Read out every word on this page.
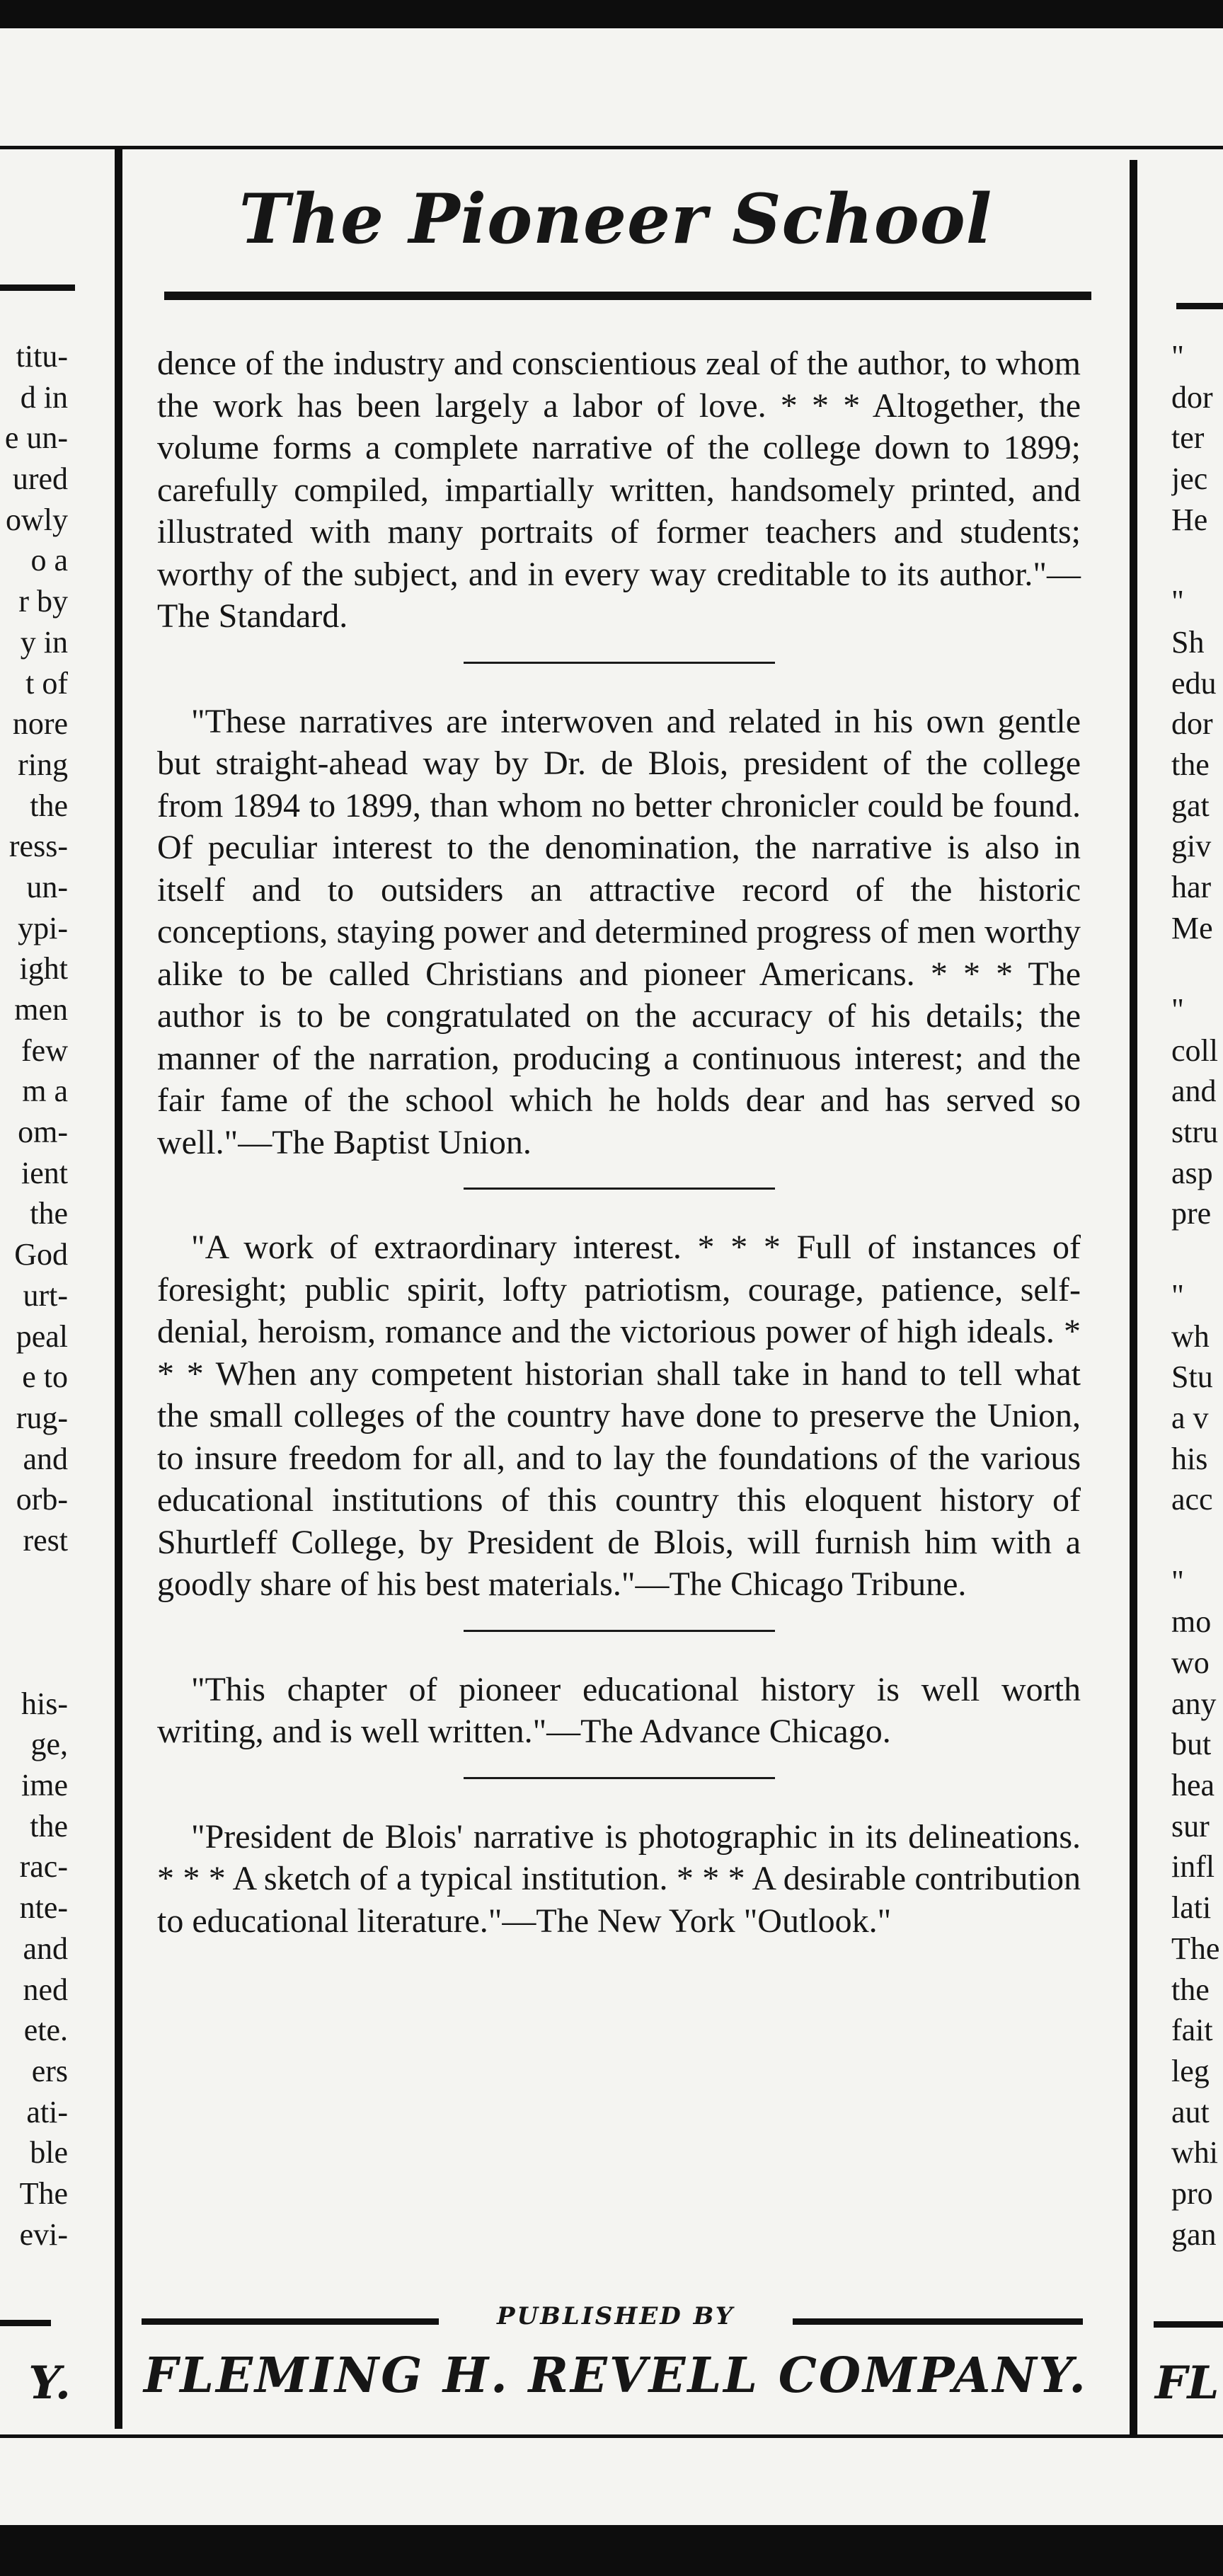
titu-
d in
e un-
ured
owly
o a
r by
y in
t of
nore
ring
the
ress-
un-
ypi-
ight
men
few
m a
om-
ient
the
God
urt-
peal
e to
rug-
and
orb-
rest
his-
ge,
ime
the
rac-
nte-
and
ned
ete.
ers
ati-
ble
The
evi-
Y.
"
dor
ter
jec
He
"
Sh
edu
dor
the
gat
giv
har
Me
"
coll
and
stru
asp
pre
"
wh
Stu
a v
his
acc
"
mo
wo
any
but
hea
sur
infl
lati
The
the
fait
leg
aut
whi
pro
gan
FL
The Pioneer School

dence of the industry and conscientious zeal of the author, to whom the work has been largely a labor of love. * * * Altogether, the volume forms a complete narrative of the college down to 1899; carefully compiled, impartially written, handsomely printed, and illustrated with many portraits of former teachers and students; worthy of the subject, and in every way creditable to its author."—The Standard.

"These narratives are interwoven and related in his own gentle but straight-ahead way by Dr. de Blois, president of the college from 1894 to 1899, than whom no better chronicler could be found. Of peculiar interest to the denomination, the narrative is also in itself and to outsiders an attractive record of the historic conceptions, staying power and determined progress of men worthy alike to be called Christians and pioneer Americans. * * * The author is to be congratulated on the accuracy of his details; the manner of the narration, producing a continuous interest; and the fair fame of the school which he holds dear and has served so well."—The Baptist Union.

"A work of extraordinary interest. * * * Full of instances of foresight; public spirit, lofty patriotism, courage, patience, self-denial, heroism, romance and the victorious power of high ideals. * * * When any competent historian shall take in hand to tell what the small colleges of the country have done to preserve the Union, to insure freedom for all, and to lay the foundations of the various educational institutions of this country this eloquent history of Shurtleff College, by President de Blois, will furnish him with a goodly share of his best materials."—The Chicago Tribune.

"This chapter of pioneer educational history is well worth writing, and is well written."—The Advance Chicago.

"President de Blois' narrative is photographic in its delineations. * * * A sketch of a typical institution. * * * A desirable contribution to educational literature."—The New York "Outlook."

PUBLISHED BY
FLEMING H. REVELL COMPANY.
